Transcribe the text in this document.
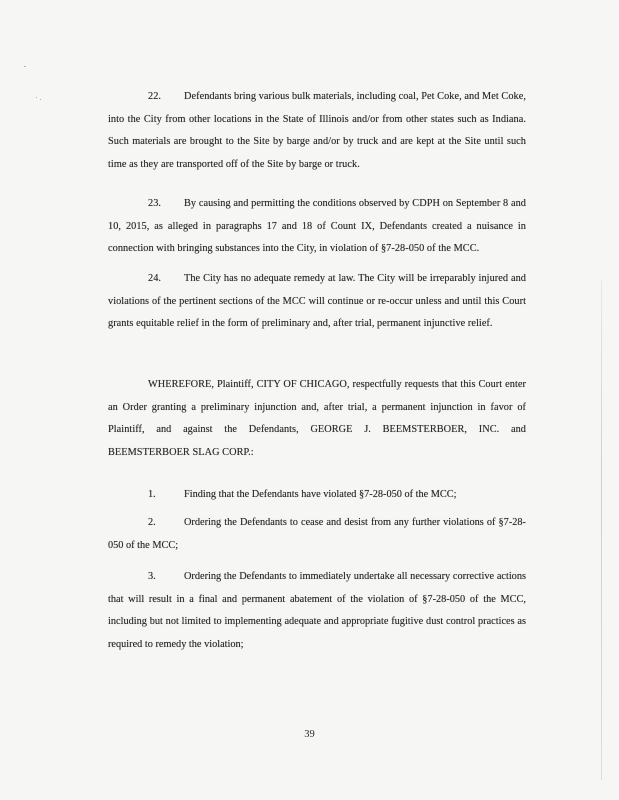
22. Defendants bring various bulk materials, including coal, Pet Coke, and Met Coke, into the City from other locations in the State of Illinois and/or from other states such as Indiana. Such materials are brought to the Site by barge and/or by truck and are kept at the Site until such time as they are transported off of the Site by barge or truck.

23. By causing and permitting the conditions observed by CDPH on September 8 and 10, 2015, as alleged in paragraphs 17 and 18 of Count IX, Defendants created a nuisance in connection with bringing substances into the City, in violation of §7-28-050 of the MCC.

24. The City has no adequate remedy at law. The City will be irreparably injured and violations of the pertinent sections of the MCC will continue or re-occur unless and until this Court grants equitable relief in the form of preliminary and, after trial, permanent injunctive relief.

WHEREFORE, Plaintiff, CITY OF CHICAGO, respectfully requests that this Court enter an Order granting a preliminary injunction and, after trial, a permanent injunction in favor of Plaintiff, and against the Defendants, GEORGE J. BEEMSTERBOER, INC. and BEEMSTERBOER SLAG CORP.:

1.	Finding that the Defendants have violated §7-28-050 of the MCC;

2.	Ordering the Defendants to cease and desist from any further violations of §7-28-050 of the MCC;

3.	Ordering the Defendants to immediately undertake all necessary corrective actions that will result in a final and permanent abatement of the violation of §7-28-050 of the MCC, including but not limited to implementing adequate and appropriate fugitive dust control practices as required to remedy the violation;

39
